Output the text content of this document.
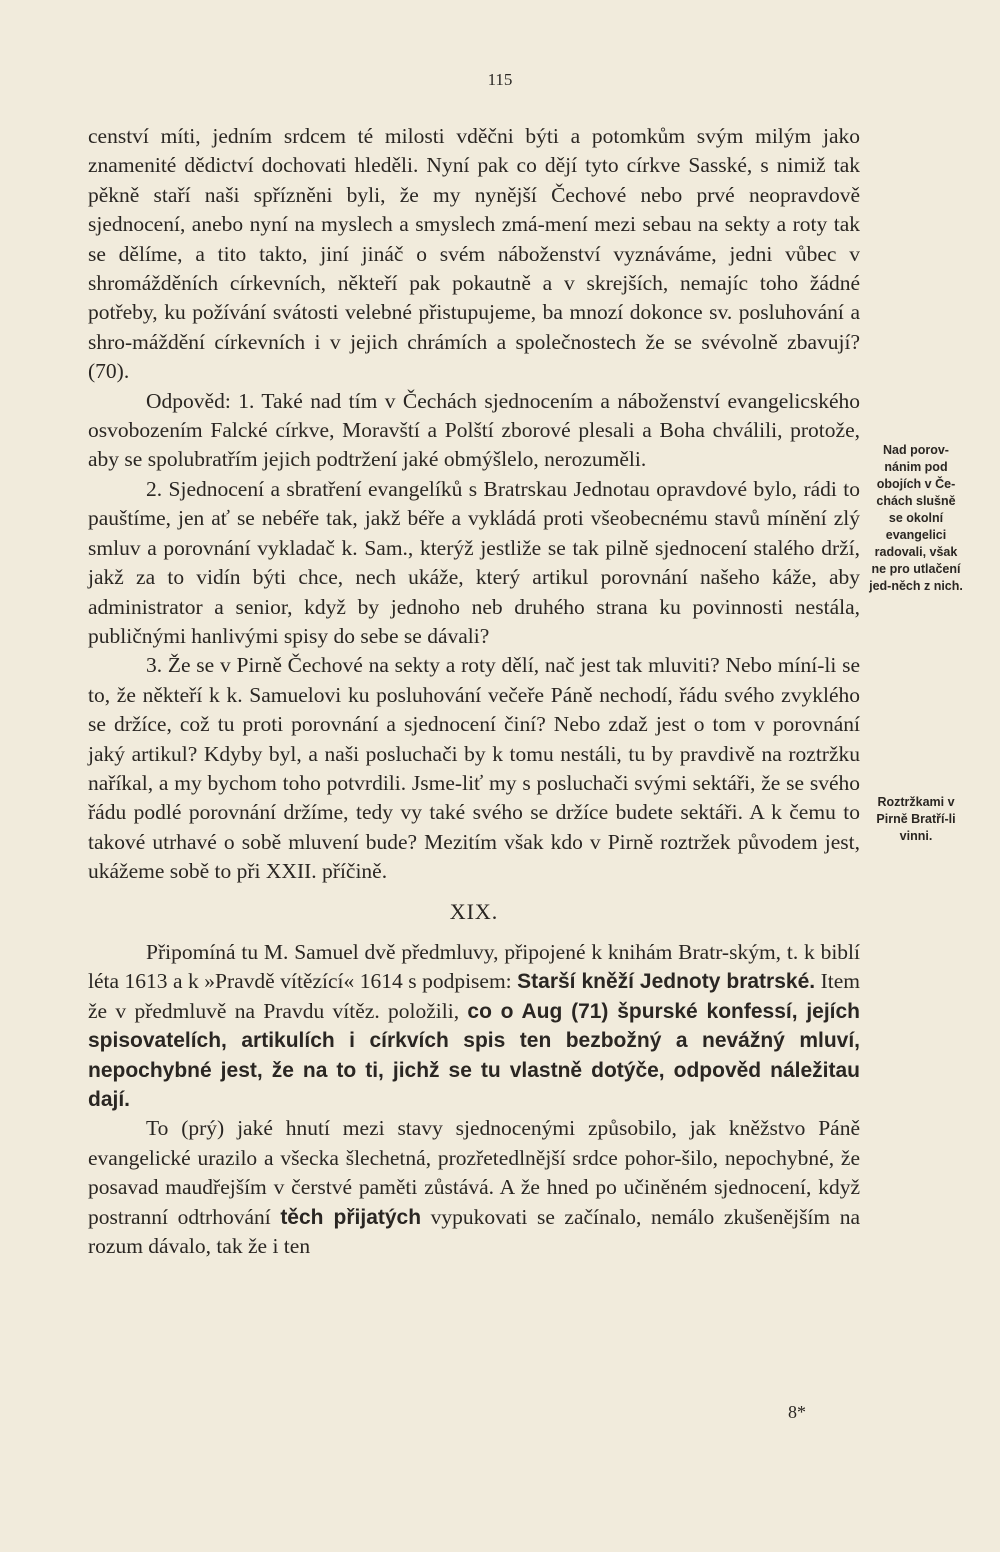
115

cenství míti, jedním srdcem té milosti vděčni býti a potomkům svým milým jako znamenité dědictví dochovati hleděli. Nyní pak co dějí tyto církve Sasské, s nimiž tak pěkně staří naši spřízněni byli, že my nynější Čechové nebo prvé neopravdově sjednocení, anebo nyní na myslech a smyslech zmá-mení mezi sebau na sekty a roty tak se dělíme, a tito takto, jiní jináč o svém náboženství vyznáváme, jedni vůbec v shromážděních církevních, někteří pak pokautně a v skrejších, nemajíc toho žádné potřeby, ku požívání svátosti velebné přistupujeme, ba mnozí dokonce sv. posluhování a shro-máždění církevních i v jejich chrámích a společnostech že se svévolně zbavují? (70).

Odpověd: 1. Také nad tím v Čechách sjednocením a náboženství evangelicského osvobozením Falcké církve, Moravští a Polští zborové plesali a Boha chválili, protože, aby se spolubratřím jejich podtržení jaké obmýšlelo, nerozuměli.

2. Sjednocení a sbratření evangelíků s Bratrskau Jednotau opravdové bylo, rádi to pauštíme, jen ať se nebéře tak, jakž béře a vykládá proti všeobecnému stavů mínění zlý smluv a porovnání vykladač k. Sam., kterýž jestliže se tak pilně sjednocení stalého drží, jakž za to vidín býti chce, nech ukáže, který artikul porovnání našeho káže, aby administrator a senior, když by jednoho neb druhého strana ku povinnosti nestála, publičnými hanlivými spisy do sebe se dávali?

3. Že se v Pirně Čechové na sekty a roty dělí, nač jest tak mluviti? Nebo míní-li se to, že někteří k k. Samuelovi ku posluhování večeře Páně nechodí, řádu svého zvyklého se držíce, což tu proti porovnání a sjednocení činí? Nebo zdaž jest o tom v porovnání jaký artikul? Kdyby byl, a naši posluchači by k tomu nestáli, tu by pravdivě na roztržku naříkal, a my bychom toho potvrdili. Jsme-liť my s posluchači svými sektáři, že se svého řádu podlé porovnání držíme, tedy vy také svého se držíce budete sektáři. A k čemu to takové utrhavé o sobě mluvení bude? Mezitím však kdo v Pirně roztržek původem jest, ukážeme sobě to při XXII. příčině.

XIX.

Připomíná tu M. Samuel dvě předmluvy, připojené k knihám Bratr-ským, t. k biblí léta 1613 a k »Pravdě vítězící« 1614 s podpisem: Starší kněží Jednoty bratrské. Item že v předmluvě na Pravdu vítěz. položili, co o Aug (71) špurské konfessí, jejích spisovatelích, artikulích i církvích spis ten bezbožný a nevážný mluví, nepochybné jest, že na to ti, jichž se tu vlastně dotýče, odpověd náležitau dají.

To (prý) jaké hnutí mezi stavy sjednocenými způsobilo, jak kněžstvo Páně evangelické urazilo a všecka šlechetná, prozřetedlnější srdce pohor-šilo, nepochybné, že posavad maudřejším v čerstvé paměti zůstává. A že hned po učiněném sjednocení, když postranní odtrhování těch přijatých vypukovati se začínalo, nemálo zkušenějším na rozum dávalo, tak že i ten

Nad porov-nánim pod obojích v Če-chách slušně se okolní evangelici radovali, však ne pro utlačení jed-něch z nich.
Roztržkami v Pirně Bratří-li vinni.
8*
